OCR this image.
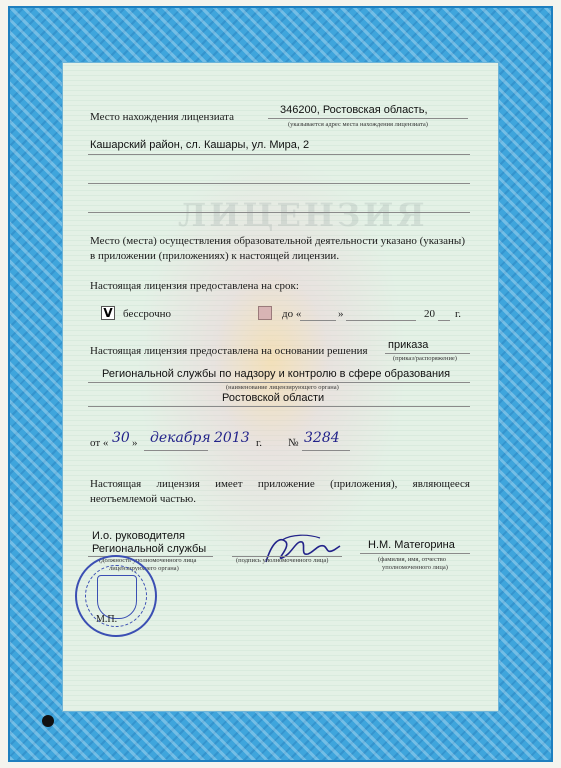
ЛИЦЕНЗИЯ
Место нахождения лицензиата
346200, Ростовская область,
(указывается адрес места нахождения лицензиата)
Кашарский район, сл. Кашары, ул. Мира, 2
Место (места) осуществления образовательной деятельности указано (указаны)
в приложении (приложениях) к настоящей лицензии.
Настоящая лицензия предоставлена на срок:
V бессрочно	до «	»	20 г.
Настоящая лицензия предоставлена на основании решения приказа
(приказ/распоряжение)
Региональной службы по надзору и контролю в сфере образования
(наименование лицензирующего органа)
Ростовской области
от « 30 » декабря 2013 г. № 3284
Настоящая лицензия имеет приложение (приложения), являющееся
неотъемлемой частью.
И.о. руководителя
Региональной службы
(должность уполномоченного лица
лицензирующего органа)
(подпись уполномоченного лица)
Н.М. Матегорина
(фамилия, имя, отчество
уполномоченного лица)
М.П.
